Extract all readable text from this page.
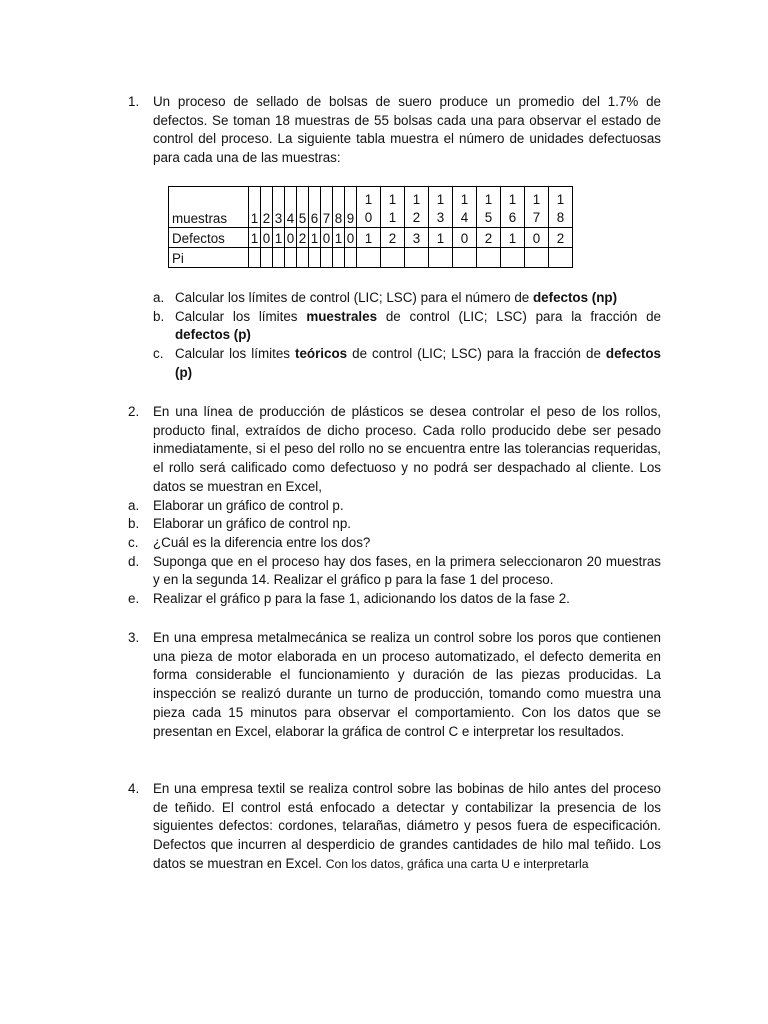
1.	Un proceso de sellado de bolsas de suero produce un promedio del 1.7% de defectos. Se toman 18 muestras de 55 bolsas cada una para observar el estado de control del proceso. La siguiente tabla muestra el número de unidades defectuosas para cada una de las muestras:
muestras	1	2	3	4	5	6	7	8	9	10	11	12	13	14	15	16	17	18

Defectos	1	0	1	0	2	1	0	1	0	1	2	3	1	0	2	1	0	2
Pi																		
a. Calcular los límites de control (LIC; LSC) para el número de defectos (np)
b. Calcular los límites muestrales de control (LIC; LSC) para la fracción de defectos (p)
c. Calcular los límites teóricos de control (LIC; LSC) para la fracción de defectos (p)
2.	En una línea de producción de plásticos se desea controlar el peso de los rollos, producto final, extraídos de dicho proceso. Cada rollo producido debe ser pesado inmediatamente, si el peso del rollo no se encuentra entre las tolerancias requeridas, el rollo será calificado como defectuoso y no podrá ser despachado al cliente. Los datos se muestran en Excel,
a. Elaborar un gráfico de control p.
b. Elaborar un gráfico de control np.
c. ¿Cuál es la diferencia entre los dos?
d. Suponga que en el proceso hay dos fases, en la primera seleccionaron 20 muestras y en la segunda 14. Realizar el gráfico p para la fase 1 del proceso.
e. Realizar el gráfico p para la fase 1, adicionando los datos de la fase 2.
3.	En una empresa metalmecánica se realiza un control sobre los poros que contienen una pieza de motor elaborada en un proceso automatizado, el defecto demerita en forma considerable el funcionamiento y duración de las piezas producidas. La inspección se realizó durante un turno de producción, tomando como muestra una pieza cada 15 minutos para observar el comportamiento. Con los datos que se presentan en Excel, elaborar la gráfica de control C e interpretar los resultados.
4.	En una empresa textil se realiza control sobre las bobinas de hilo antes del proceso de teñido. El control está enfocado a detectar y contabilizar la presencia de los siguientes defectos: cordones, telarañas, diámetro y pesos fuera de especificación. Defectos que incurren al desperdicio de grandes cantidades de hilo mal teñido. Los datos se muestran en Excel. Con los datos, gráfica una carta U e interpretarla
